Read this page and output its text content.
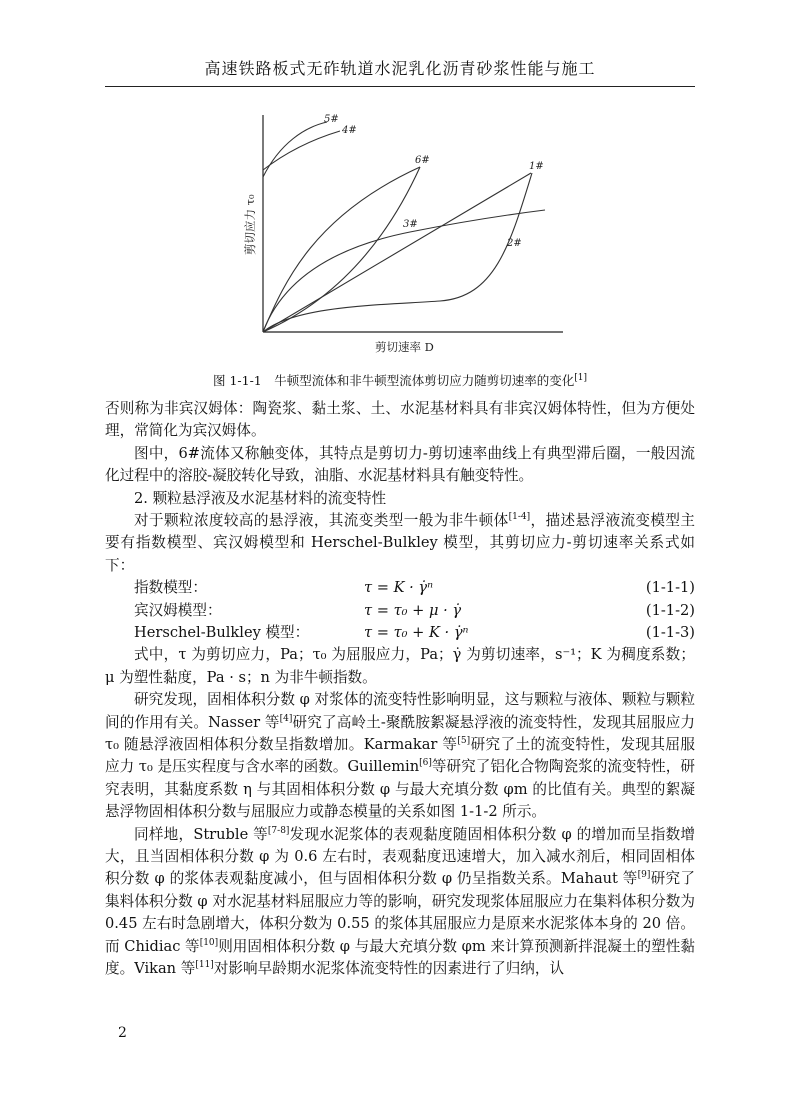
高速铁路板式无砟轨道水泥乳化沥青砂浆性能与施工
1#
2#
3#
4#
5#
6#
剪切应力 τ₀
剪切速率 D
图 1-1-1　牛顿型流体和非牛顿型流体剪切应力随剪切速率的变化[1]

否则称为非宾汉姆体：陶瓷浆、黏土浆、土、水泥基材料具有非宾汉姆体特性，但为方便处理，常简化为宾汉姆体。

图中，6#流体又称触变体，其特点是剪切力-剪切速率曲线上有典型滞后圈，一般因流化过程中的溶胶-凝胶转化导致，油脂、水泥基材料具有触变特性。

2. 颗粒悬浮液及水泥基材料的流变特性

对于颗粒浓度较高的悬浮液，其流变类型一般为非牛顿体[1-4]，描述悬浮液流变模型主要有指数模型、宾汉姆模型和 Herschel-Bulkley 模型，其剪切应力-剪切速率关系式如下：

指数模型：	τ = K · γ̇ⁿ	(1-1-1)
宾汉姆模型：	τ = τ₀ + μ · γ̇	(1-1-2)
Herschel-Bulkley 模型：	τ = τ₀ + K · γ̇ⁿ	(1-1-3)

式中，τ 为剪切应力，Pa；τ₀ 为屈服应力，Pa；γ̇ 为剪切速率，s⁻¹；K 为稠度系数；μ 为塑性黏度，Pa · s；n 为非牛顿指数。

研究发现，固相体积分数 φ 对浆体的流变特性影响明显，这与颗粒与液体、颗粒与颗粒间的作用有关。Nasser 等[4]研究了高岭土-聚酰胺絮凝悬浮液的流变特性，发现其屈服应力 τ₀ 随悬浮液固相体积分数呈指数增加。Karmakar 等[5]研究了土的流变特性，发现其屈服应力 τ₀ 是压实程度与含水率的函数。Guillemin[6]等研究了铝化合物陶瓷浆的流变特性，研究表明，其黏度系数 η 与其固相体积分数 φ 与最大充填分数 φm 的比值有关。典型的絮凝悬浮物固相体积分数与屈服应力或静态模量的关系如图 1-1-2 所示。

同样地，Struble 等[7-8]发现水泥浆体的表观黏度随固相体积分数 φ 的增加而呈指数增大，且当固相体积分数 φ 为 0.6 左右时，表观黏度迅速增大，加入减水剂后，相同固相体积分数 φ 的浆体表观黏度减小，但与固相体积分数 φ 仍呈指数关系。Mahaut 等[9]研究了集料体积分数 φ 对水泥基材料屈服应力等的影响，研究发现浆体屈服应力在集料体积分数为 0.45 左右时急剧增大，体积分数为 0.55 的浆体其屈服应力是原来水泥浆体本身的 20 倍。而 Chidiac 等[10]则用固相体积分数 φ 与最大充填分数 φm 来计算预测新拌混凝土的塑性黏度。Vikan 等[11]对影响早龄期水泥浆体流变特性的因素进行了归纳，认

2
